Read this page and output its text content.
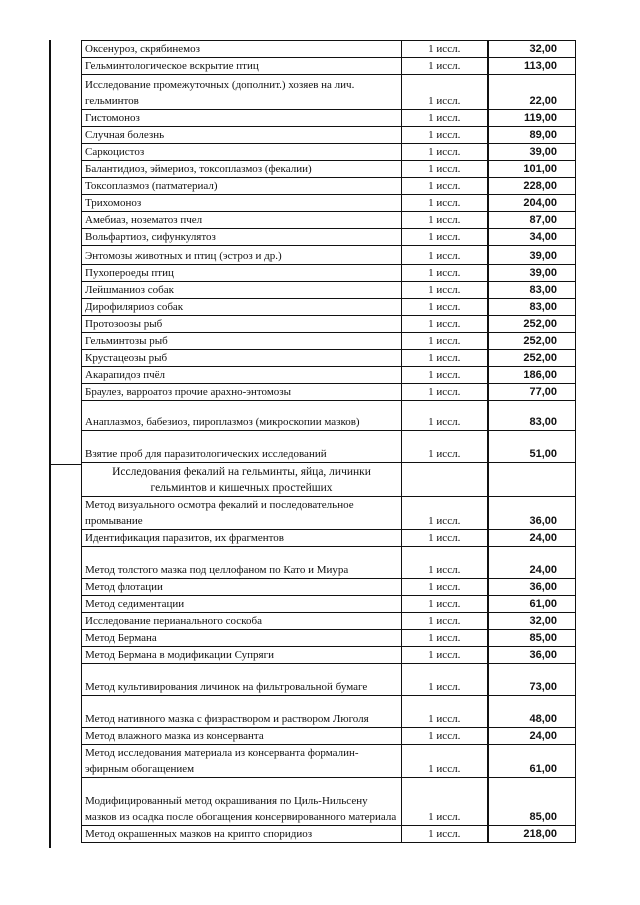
Оксенуроз, скрябинемоз	1 иссл.	32,00
Гельминтологическое вскрытие птиц	1 иссл.	113,00
Исследование промежуточных (дополнит.) хозяев на лич. гельминтов	1 иссл.	22,00
Гистомоноз	1 иссл.	119,00
Случная болезнь	1 иссл.	89,00
Саркоцистоз	1 иссл.	39,00
Балантидиоз, эймериоз, токсоплазмоз (фекалии)	1 иссл.	101,00
Токсоплазмоз (патматериал)	1 иссл.	228,00
Трихомоноз	1 иссл.	204,00
Амебиаз, нозематоз пчел	1 иссл.	87,00
Вольфартиоз, сифункулятоз	1 иссл.	34,00
Энтомозы животных и птиц (эстроз и др.)	1 иссл.	39,00
Пухопероеды птиц	1 иссл.	39,00
Лейшманиоз собак	1 иссл.	83,00
Дирофиляриоз собак	1 иссл.	83,00
Протозоозы рыб	1 иссл.	252,00
Гельминтозы рыб	1 иссл.	252,00
Крустацеозы рыб	1 иссл.	252,00
Акарапидоз пчёл	1 иссл.	186,00
Браулез, варроатоз прочие арахно-энтомозы	1 иссл.	77,00
Анаплазмоз, бабезиоз, пироплазмоз (микроскопии мазков)	1 иссл.	83,00
Взятие проб для паразитологических исследований	1 иссл.	51,00
Исследования фекалий на гельминты, яйца, личинки гельминтов и кишечных простейших		
Метод визуального осмотра фекалий и последовательное промывание	1 иссл.	36,00
Идентификация паразитов, их фрагментов	1 иссл.	24,00
Метод толстого мазка под целлофаном по Като и Миура	1 иссл.	24,00
Метод флотации	1 иссл.	36,00
Метод седиментации	1 иссл.	61,00
Исследование перианального соскоба	1 иссл.	32,00
Метод Бермана	1 иссл.	85,00
Метод Бермана в модификации Супряги	1 иссл.	36,00
Метод культивирования личинок на фильтровальной бумаге	1 иссл.	73,00
Метод нативного мазка с физраствором и раствором Люголя	1 иссл.	48,00
Метод влажного мазка из консерванта	1 иссл.	24,00
Метод исследования материала из консерванта формалин-эфирным обогащением	1 иссл.	61,00
Модифицированный метод окрашивания по Циль-Нильсену мазков из осадка после обогащения консервированного материала	1 иссл.	85,00
Метод окрашенных мазков на крипто споридиоз	1 иссл.	218,00
